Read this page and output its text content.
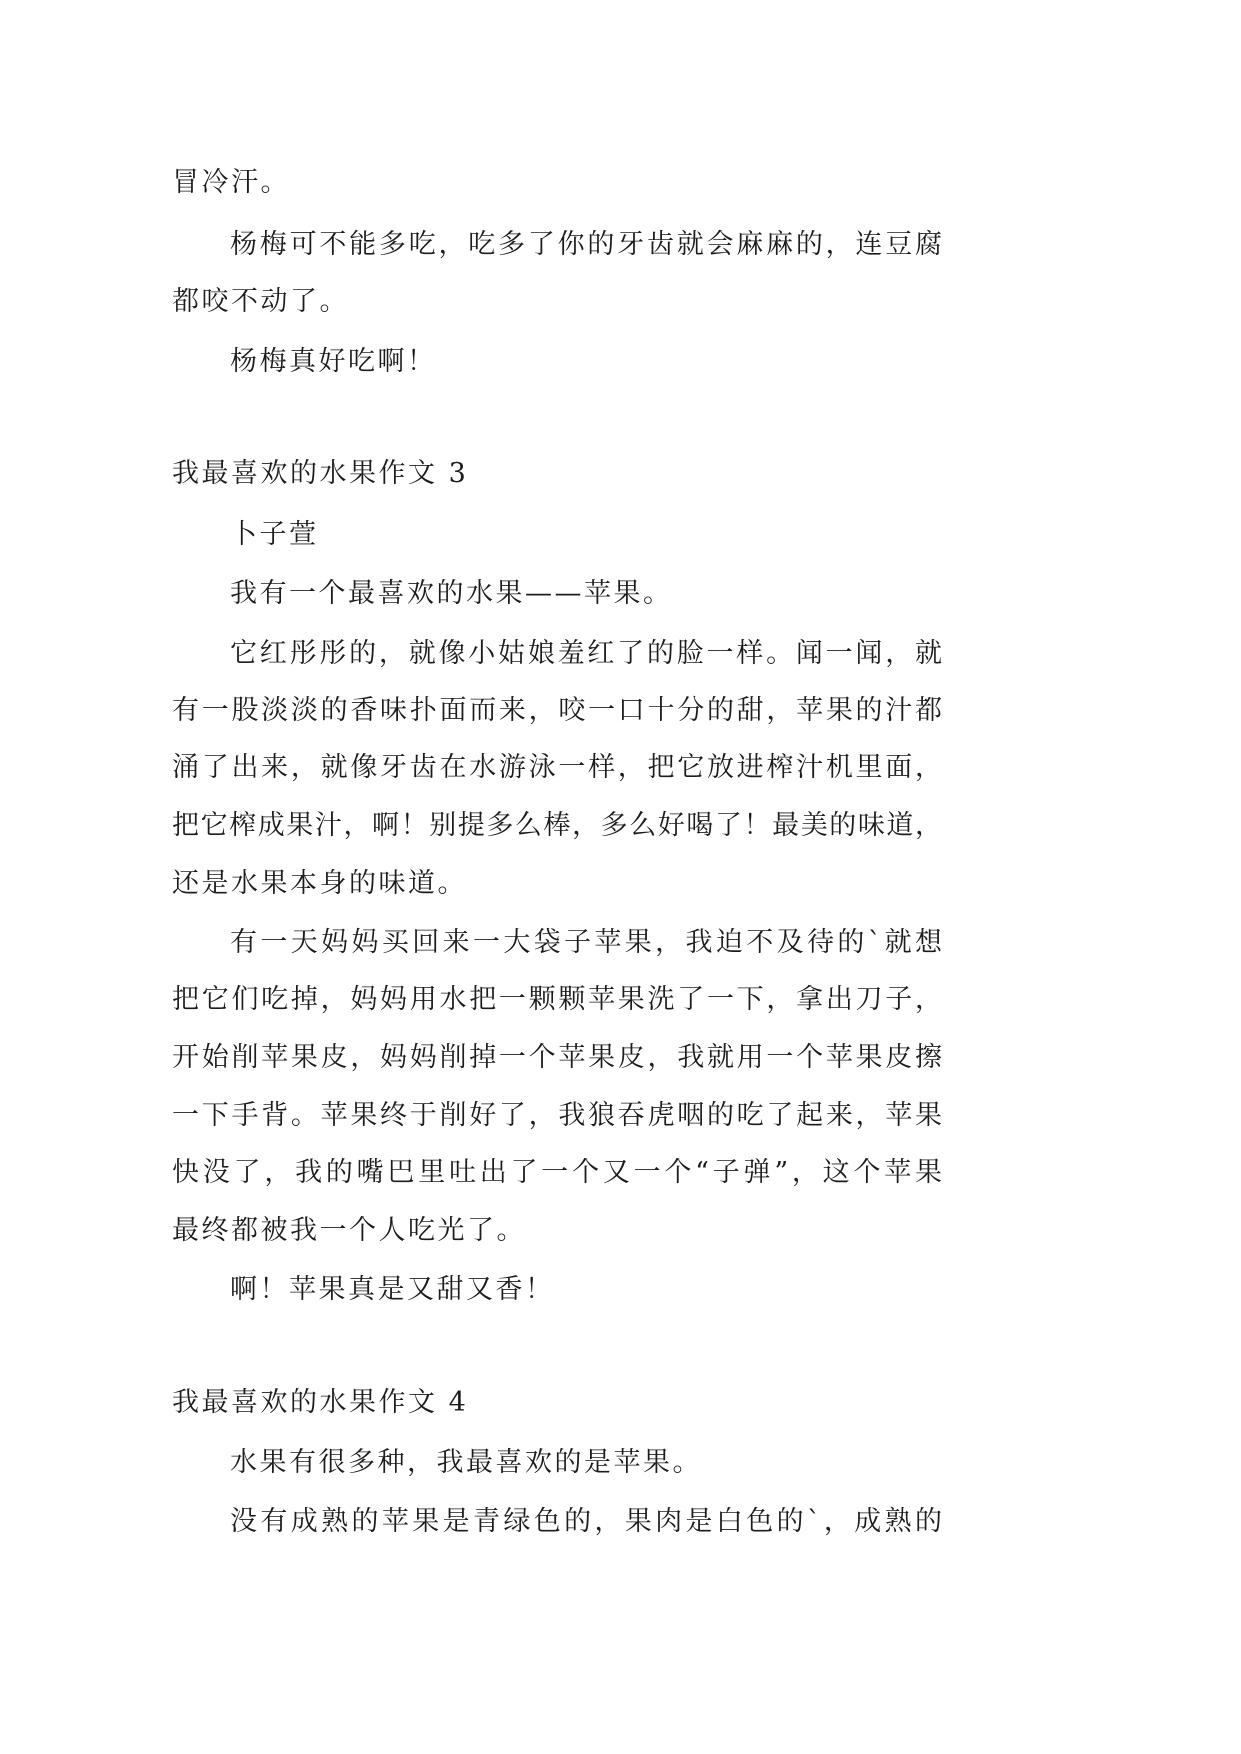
冒冷汗。
杨梅可不能多吃，吃多了你的牙齿就会麻麻的，连豆腐
都咬不动了。
杨梅真好吃啊！
我最喜欢的水果作文 3
卜子萱
我有一个最喜欢的水果——苹果。
它红彤彤的，就像小姑娘羞红了的脸一样。闻一闻，就
有一股淡淡的香味扑面而来，咬一口十分的甜，苹果的汁都
涌了出来，就像牙齿在水游泳一样，把它放进榨汁机里面，
把它榨成果汁，啊！别提多么棒，多么好喝了！最美的味道，
还是水果本身的味道。
有一天妈妈买回来一大袋子苹果，我迫不及待的`就想
把它们吃掉，妈妈用水把一颗颗苹果洗了一下，拿出刀子，
开始削苹果皮，妈妈削掉一个苹果皮，我就用一个苹果皮擦
一下手背。苹果终于削好了，我狼吞虎咽的吃了起来，苹果
快没了，我的嘴巴里吐出了一个又一个“子弹”，这个苹果
最终都被我一个人吃光了。
啊！苹果真是又甜又香！
我最喜欢的水果作文 4
水果有很多种，我最喜欢的是苹果。
没有成熟的苹果是青绿色的，果肉是白色的`，成熟的
